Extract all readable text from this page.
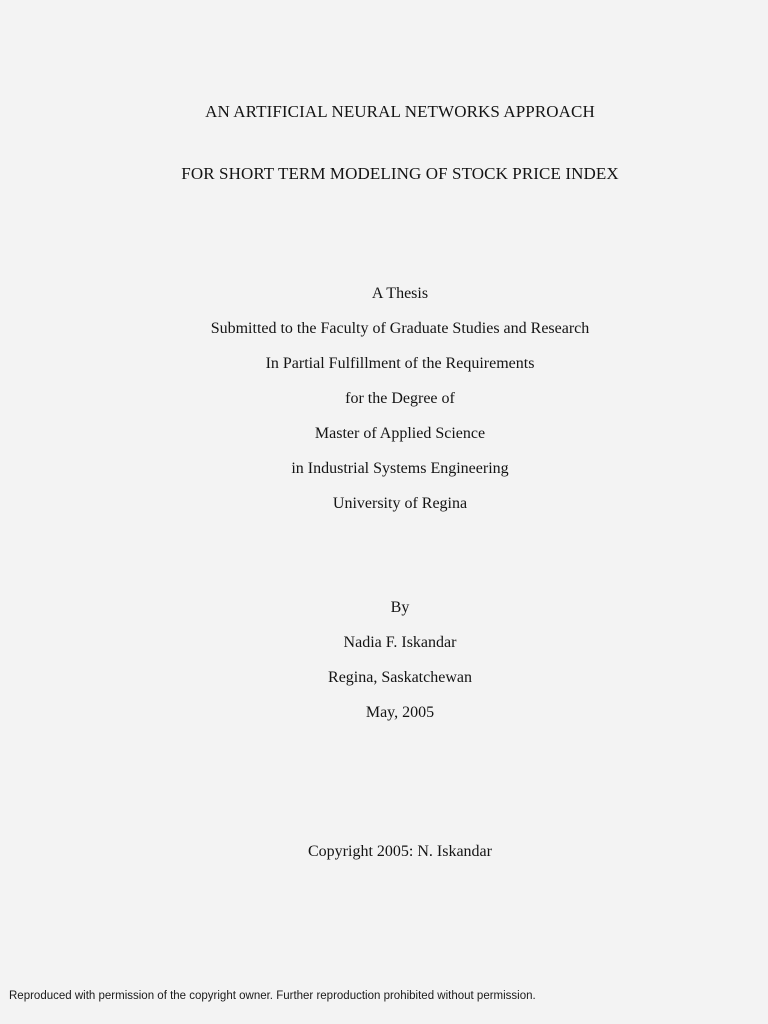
AN ARTIFICIAL NEURAL NETWORKS APPROACH
FOR SHORT TERM MODELING OF STOCK PRICE INDEX
A Thesis
Submitted to the Faculty of Graduate Studies and Research
In Partial Fulfillment of the Requirements
for the Degree of
Master of Applied Science
in Industrial Systems Engineering
University of Regina
By
Nadia F. Iskandar
Regina, Saskatchewan
May, 2005
Copyright 2005: N. Iskandar
Reproduced with permission of the copyright owner. Further reproduction prohibited without permission.
